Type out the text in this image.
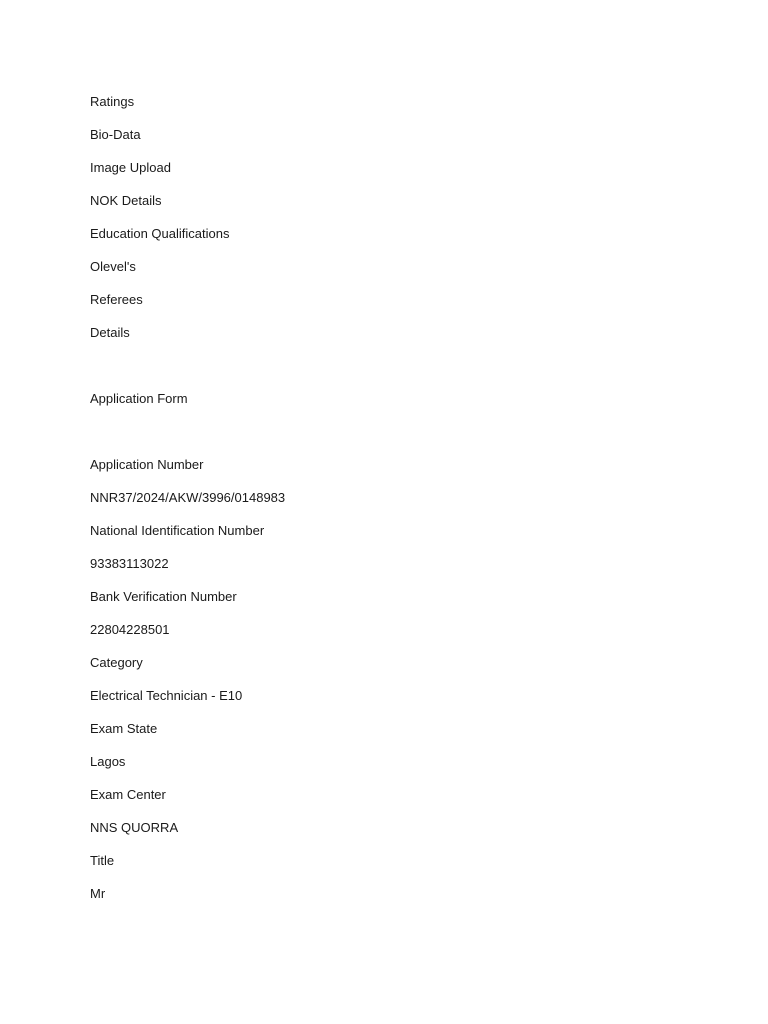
Ratings
Bio-Data
Image Upload
NOK Details
Education Qualifications
Olevel's
Referees
Details
Application Form
Application Number
NNR37/2024/AKW/3996/0148983
National Identification Number
93383113022
Bank Verification Number
22804228501
Category
Electrical Technician - E10
Exam State
Lagos
Exam Center
NNS QUORRA
Title
Mr
